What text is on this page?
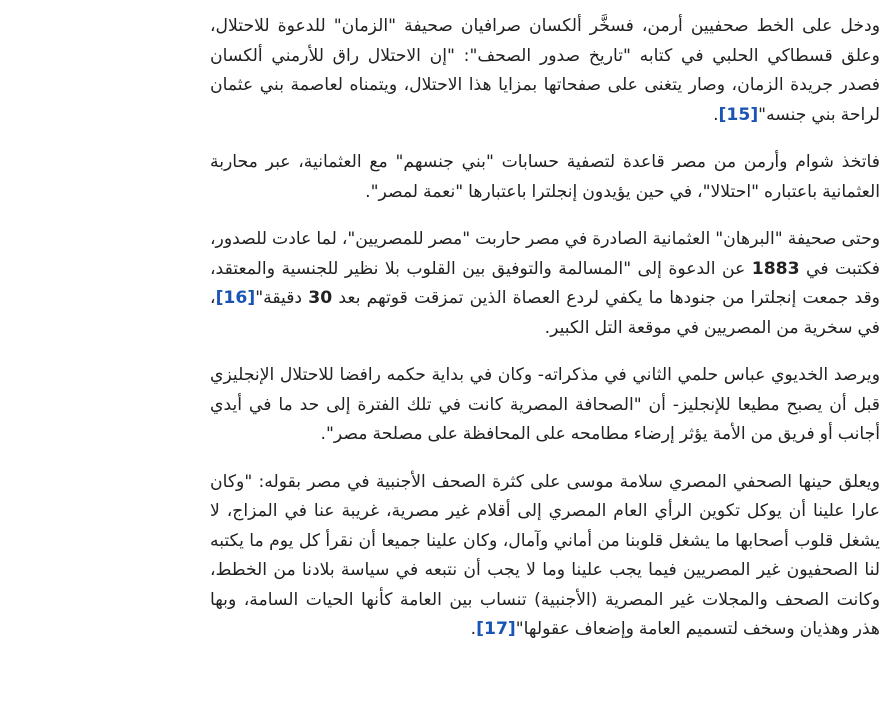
ودخل على الخط صحفيين أرمن، فسخَّر ألكسان صرافيان صحيفة "الزمان" للدعوة للاحتلال، وعلق قسطاكي الحلبي في كتابه "تاريخ صدور الصحف": "إن الاحتلال راق للأرمني ألكسان فصدر جريدة الزمان، وصار يتغنى على صفحاتها بمزايا هذا الاحتلال، ويتمناه لعاصمة بني عثمان لراحة بني جنسه"[15].

فاتخذ شوام وأرمن من مصر قاعدة لتصفية حسابات "بني جنسهم" مع العثمانية، عبر محاربة العثمانية باعتباره "احتلالا"، في حين يؤيدون إنجلترا باعتبارها "نعمة لمصر".

وحتى صحيفة "البرهان" العثمانية الصادرة في مصر حاربت "مصر للمصريين"، لما عادت للصدور، فكتبت في 1883 عن الدعوة إلى "المسالمة والتوفيق بين القلوب بلا نظير للجنسية والمعتقد، وقد جمعت إنجلترا من جنودها ما يكفي لردع العصاة الذين تمزقت قوتهم بعد 30 دقيقة"[16]، في سخرية من المصريين في موقعة التل الكبير.

ويرصد الخديوي عباس حلمي الثاني في مذكراته- وكان في بداية حكمه رافضا للاحتلال الإنجليزي قبل أن يصبح مطيعا للإنجليز- أن "الصحافة المصرية كانت في تلك الفترة إلى حد ما في أيدي أجانب أو فريق من الأمة يؤثر إرضاء مطامحه على المحافظة على مصلحة مصر".

ويعلق حينها الصحفي المصري سلامة موسى على كثرة الصحف الأجنبية في مصر بقوله: "وكان عارا علينا أن يوكل تكوين الرأي العام المصري إلى أقلام غير مصرية، غريبة عنا في المزاج، لا يشغل قلوب أصحابها ما يشغل قلوبنا من أماني وآمال، وكان علينا جميعا أن نقرأ كل يوم ما يكتبه لنا الصحفيون غير المصريين فيما يجب علينا وما لا يجب أن نتبعه في سياسة بلادنا من الخطط، وكانت الصحف والمجلات غير المصرية (الأجنبية) تنساب بين العامة كأنها الحيات السامة، وبها هذر وهذيان وسخف لتسميم العامة وإضعاف عقولها"[17].
